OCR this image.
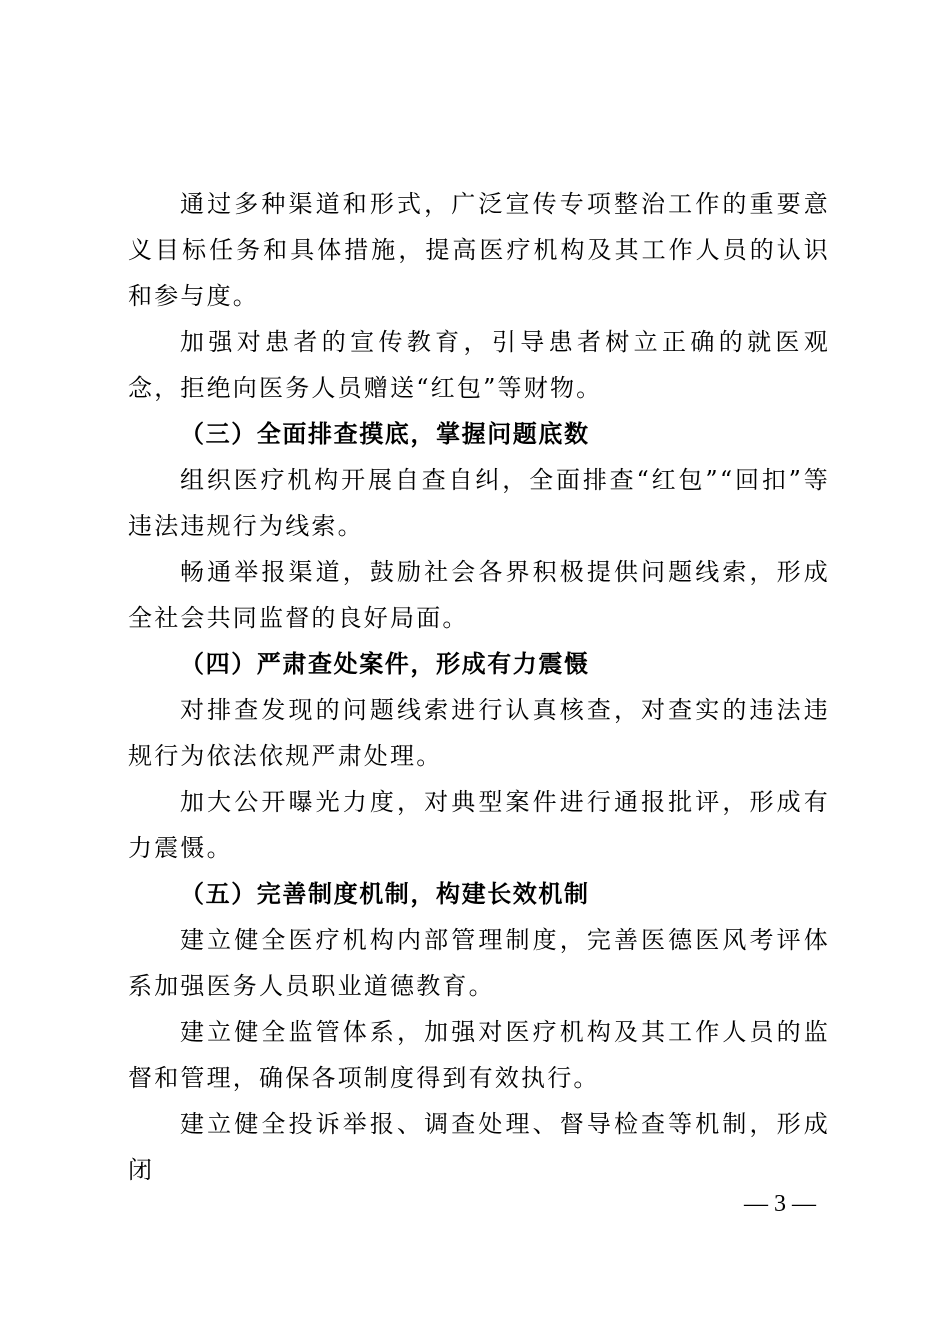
通过多种渠道和形式，广泛宣传专项整治工作的重要意义目标任务和具体措施，提高医疗机构及其工作人员的认识和参与度。

加强对患者的宣传教育，引导患者树立正确的就医观念，拒绝向医务人员赠送“红包”等财物。

（三）全面排查摸底，掌握问题底数

组织医疗机构开展自查自纠，全面排查“红包”“回扣”等违法违规行为线索。

畅通举报渠道，鼓励社会各界积极提供问题线索，形成全社会共同监督的良好局面。

（四）严肃查处案件，形成有力震慑

对排查发现的问题线索进行认真核查，对查实的违法违规行为依法依规严肃处理。

加大公开曝光力度，对典型案件进行通报批评，形成有力震慑。

（五）完善制度机制，构建长效机制

建立健全医疗机构内部管理制度，完善医德医风考评体系加强医务人员职业道德教育。

建立健全监管体系，加强对医疗机构及其工作人员的监督和管理，确保各项制度得到有效执行。

建立健全投诉举报、调查处理、督导检查等机制，形成闭

— 3 —
